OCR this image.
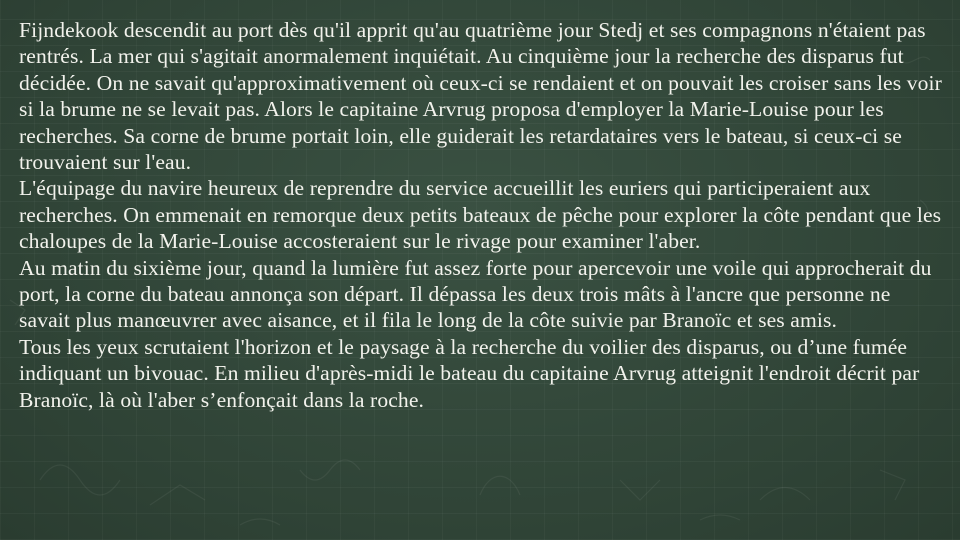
Fijndekook descendit au port dès qu'il apprit qu'au quatrième jour Stedj et ses compagnons n'étaient pas rentrés. La mer qui s'agitait anormalement inquiétait. Au cinquième jour la recherche des disparus fut décidée. On ne savait qu'approximativement où ceux-ci se rendaient et on pouvait les croiser sans les voir si la brume ne se levait pas. Alors le capitaine Arvrug proposa d'employer la Marie-Louise pour les recherches. Sa corne de brume portait loin, elle guiderait les retardataires vers le bateau, si ceux-ci se trouvaient sur l'eau.

L'équipage du navire heureux de reprendre du service accueillit les euriers qui participeraient aux recherches. On emmenait en remorque deux petits bateaux de pêche pour explorer la côte pendant que les chaloupes de la Marie-Louise accosteraient sur le rivage pour examiner l'aber.

Au matin du sixième jour, quand la lumière fut assez forte pour apercevoir une voile qui approcherait du port, la corne du bateau annonça son départ. Il dépassa les deux trois mâts à l'ancre que personne ne savait plus manœuvrer avec aisance, et il fila le long de la côte suivie par Branoïc et ses amis.

Tous les yeux scrutaient l'horizon et le paysage à la recherche du voilier des disparus, ou d’une fumée indiquant un bivouac. En milieu d'après-midi le bateau du capitaine Arvrug atteignit l'endroit décrit par Branoïc, là où l'aber s’enfonçait dans la roche.
